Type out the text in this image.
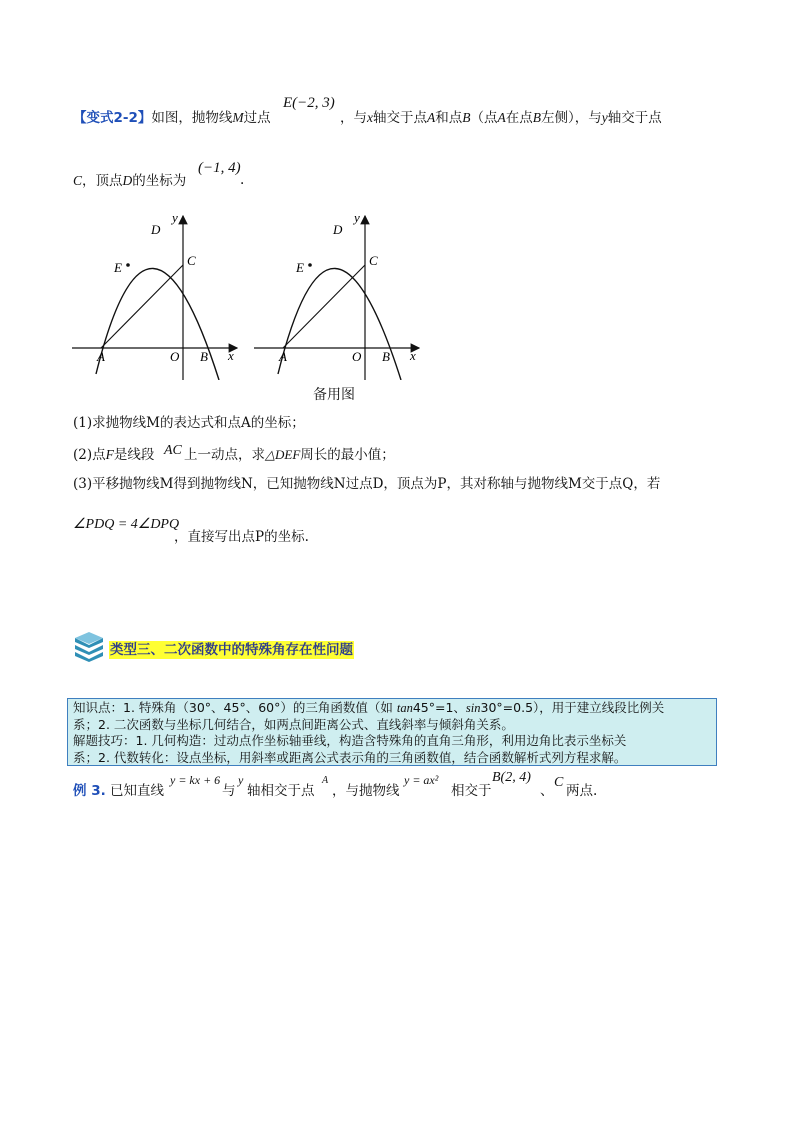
【变式2-2】如图，抛物线M过点
E(−2, 3)
，与x轴交于点A和点B（点A在点B左侧），与y轴交于点
C，顶点D的坐标为
(−1, 4)
.
D
E	C
A	O B x
y
D
E	C
A	O B x
y
备用图
(1)求抛物线M的表达式和点A的坐标；
(2)点F是线段 AC 上一动点，求△DEF周长的最小值；
(3)平移抛物线M得到抛物线N，已知抛物线N过点D，顶点为P，其对称轴与抛物线M交于点Q，若
∠PDQ = 4∠DPQ
，直接写出点P的坐标.
类型三、二次函数中的特殊角存在性问题
知识点：1. 特殊角（30°、45°、60°）的三角函数值（如 tan45°=1、sin30°=0.5），用于建立线段比例关
系；2. 二次函数与坐标几何结合，如两点间距离公式、直线斜率与倾斜角关系。
解题技巧：1. 几何构造：过动点作坐标轴垂线，构造含特殊角的直角三角形，利用边角比表示坐标关
系；2. 代数转化：设点坐标，用斜率或距离公式表示角的三角函数值，结合函数解析式列方程求解。
例 3. 已知直线
y = kx + 6
与
y
轴相交于点
A
，与抛物线
y = ax²
相交于
B(2, 4)
、
C
两点.
